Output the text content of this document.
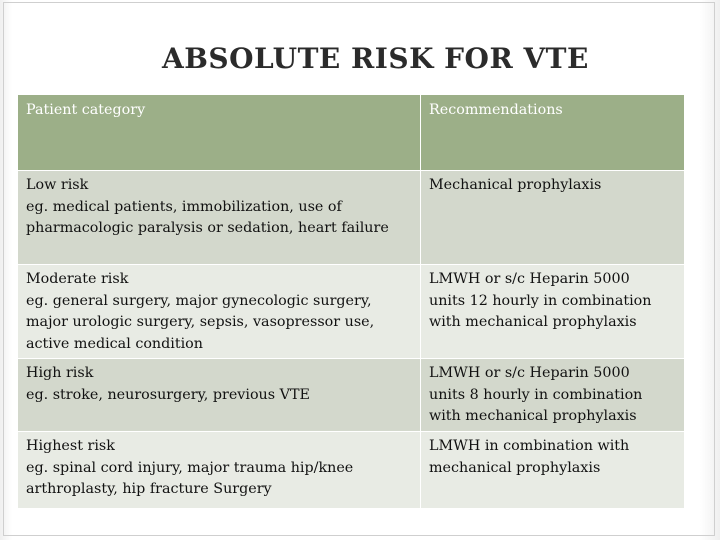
ABSOLUTE RISK FOR VTE
Patient category	Recommendations

Low risk
eg. medical patients, immobilization, use of
pharmacologic paralysis or sedation, heart failure	Mechanical prophylaxis

Moderate risk
eg. general surgery, major gynecologic surgery,
major urologic surgery, sepsis, vasopressor use,
active medical condition	LMWH or s/c Heparin 5000
units 12 hourly in combination
with mechanical prophylaxis

High risk
eg. stroke, neurosurgery, previous VTE	LMWH or s/c Heparin 5000
units 8 hourly in combination
with mechanical prophylaxis

Highest risk
eg. spinal cord injury, major trauma hip/knee
arthroplasty, hip fracture Surgery	LMWH in combination with
mechanical prophylaxis
